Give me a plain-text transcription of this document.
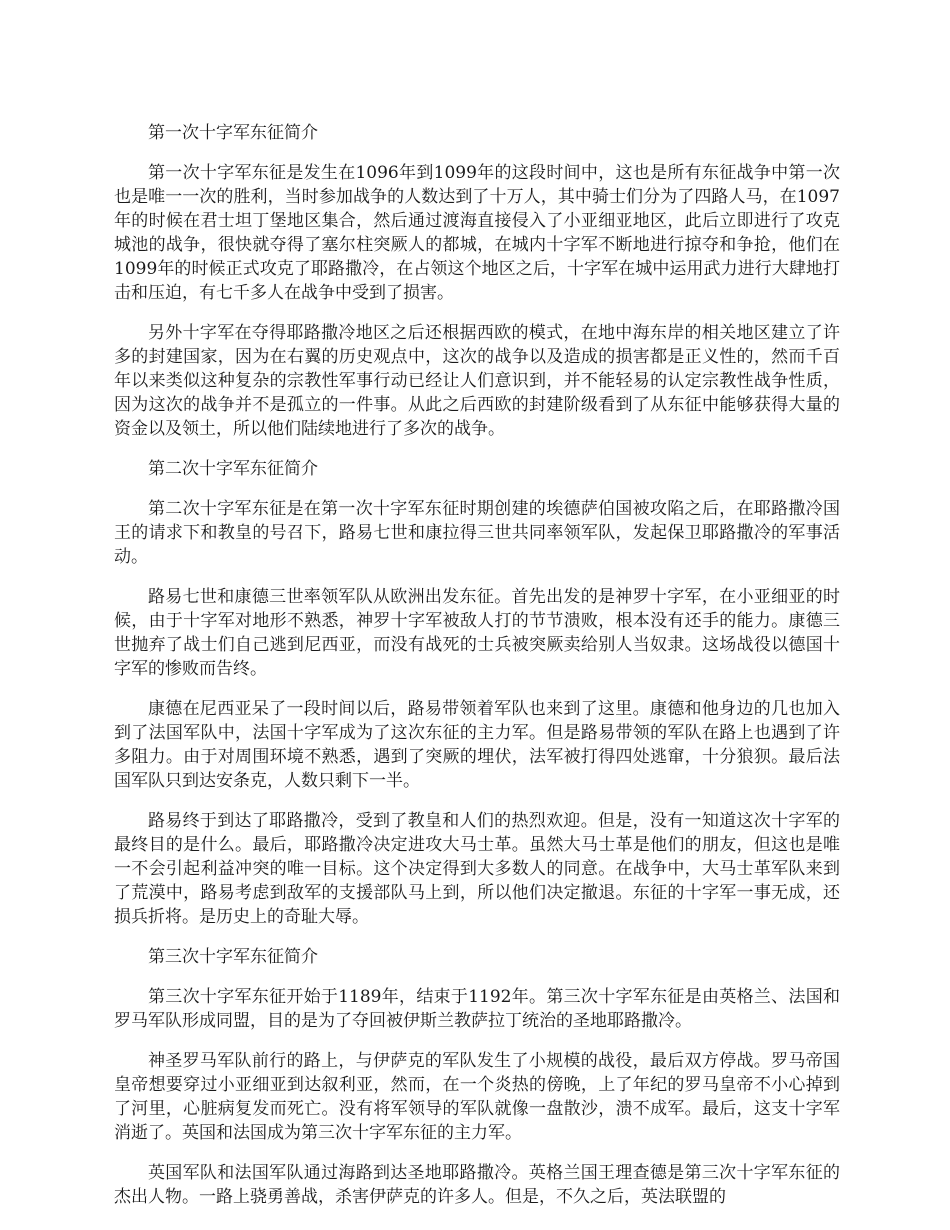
第一次十字军东征简介

第一次十字军东征是发生在1096年到1099年的这段时间中，这也是所有东征战争中第一次也是唯一一次的胜利，当时参加战争的人数达到了十万人，其中骑士们分为了四路人马，在1097年的时候在君士坦丁堡地区集合，然后通过渡海直接侵入了小亚细亚地区，此后立即进行了攻克城池的战争，很快就夺得了塞尔柱突厥人的都城，在城内十字军不断地进行掠夺和争抢，他们在1099年的时候正式攻克了耶路撒冷，在占领这个地区之后，十字军在城中运用武力进行大肆地打击和压迫，有七千多人在战争中受到了损害。

另外十字军在夺得耶路撒冷地区之后还根据西欧的模式，在地中海东岸的相关地区建立了许多的封建国家，因为在右翼的历史观点中，这次的战争以及造成的损害都是正义性的，然而千百年以来类似这种复杂的宗教性军事行动已经让人们意识到，并不能轻易的认定宗教性战争性质，因为这次的战争并不是孤立的一件事。从此之后西欧的封建阶级看到了从东征中能够获得大量的资金以及领土，所以他们陆续地进行了多次的战争。

第二次十字军东征简介

第二次十字军东征是在第一次十字军东征时期创建的埃德萨伯国被攻陷之后，在耶路撒冷国王的请求下和教皇的号召下，路易七世和康拉得三世共同率领军队，发起保卫耶路撒冷的军事活动。

路易七世和康德三世率领军队从欧洲出发东征。首先出发的是神罗十字军，在小亚细亚的时候，由于十字军对地形不熟悉，神罗十字军被敌人打的节节溃败，根本没有还手的能力。康德三世抛弃了战士们自己逃到尼西亚，而没有战死的士兵被突厥卖给别人当奴隶。这场战役以德国十字军的惨败而告终。

康德在尼西亚呆了一段时间以后，路易带领着军队也来到了这里。康德和他身边的几也加入到了法国军队中，法国十字军成为了这次东征的主力军。但是路易带领的军队在路上也遇到了许多阻力。由于对周围环境不熟悉，遇到了突厥的埋伏，法军被打得四处逃窜，十分狼狈。最后法国军队只到达安条克，人数只剩下一半。

路易终于到达了耶路撒冷，受到了教皇和人们的热烈欢迎。但是，没有一知道这次十字军的最终目的是什么。最后，耶路撒冷决定进攻大马士革。虽然大马士革是他们的朋友，但这也是唯一不会引起利益冲突的唯一目标。这个决定得到大多数人的同意。在战争中，大马士革军队来到了荒漠中，路易考虑到敌军的支援部队马上到，所以他们决定撤退。东征的十字军一事无成，还损兵折将。是历史上的奇耻大辱。

第三次十字军东征简介

第三次十字军东征开始于1189年，结束于1192年。第三次十字军东征是由英格兰、法国和罗马军队形成同盟，目的是为了夺回被伊斯兰教萨拉丁统治的圣地耶路撒冷。

神圣罗马军队前行的路上，与伊萨克的军队发生了小规模的战役，最后双方停战。罗马帝国皇帝想要穿过小亚细亚到达叙利亚，然而，在一个炎热的傍晚，上了年纪的罗马皇帝不小心掉到了河里，心脏病复发而死亡。没有将军领导的军队就像一盘散沙，溃不成军。最后，这支十字军消逝了。英国和法国成为第三次十字军东征的主力军。

英国军队和法国军队通过海路到达圣地耶路撒冷。英格兰国王理查德是第三次十字军东征的杰出人物。一路上骁勇善战，杀害伊萨克的许多人。但是，不久之后，英法联盟的
